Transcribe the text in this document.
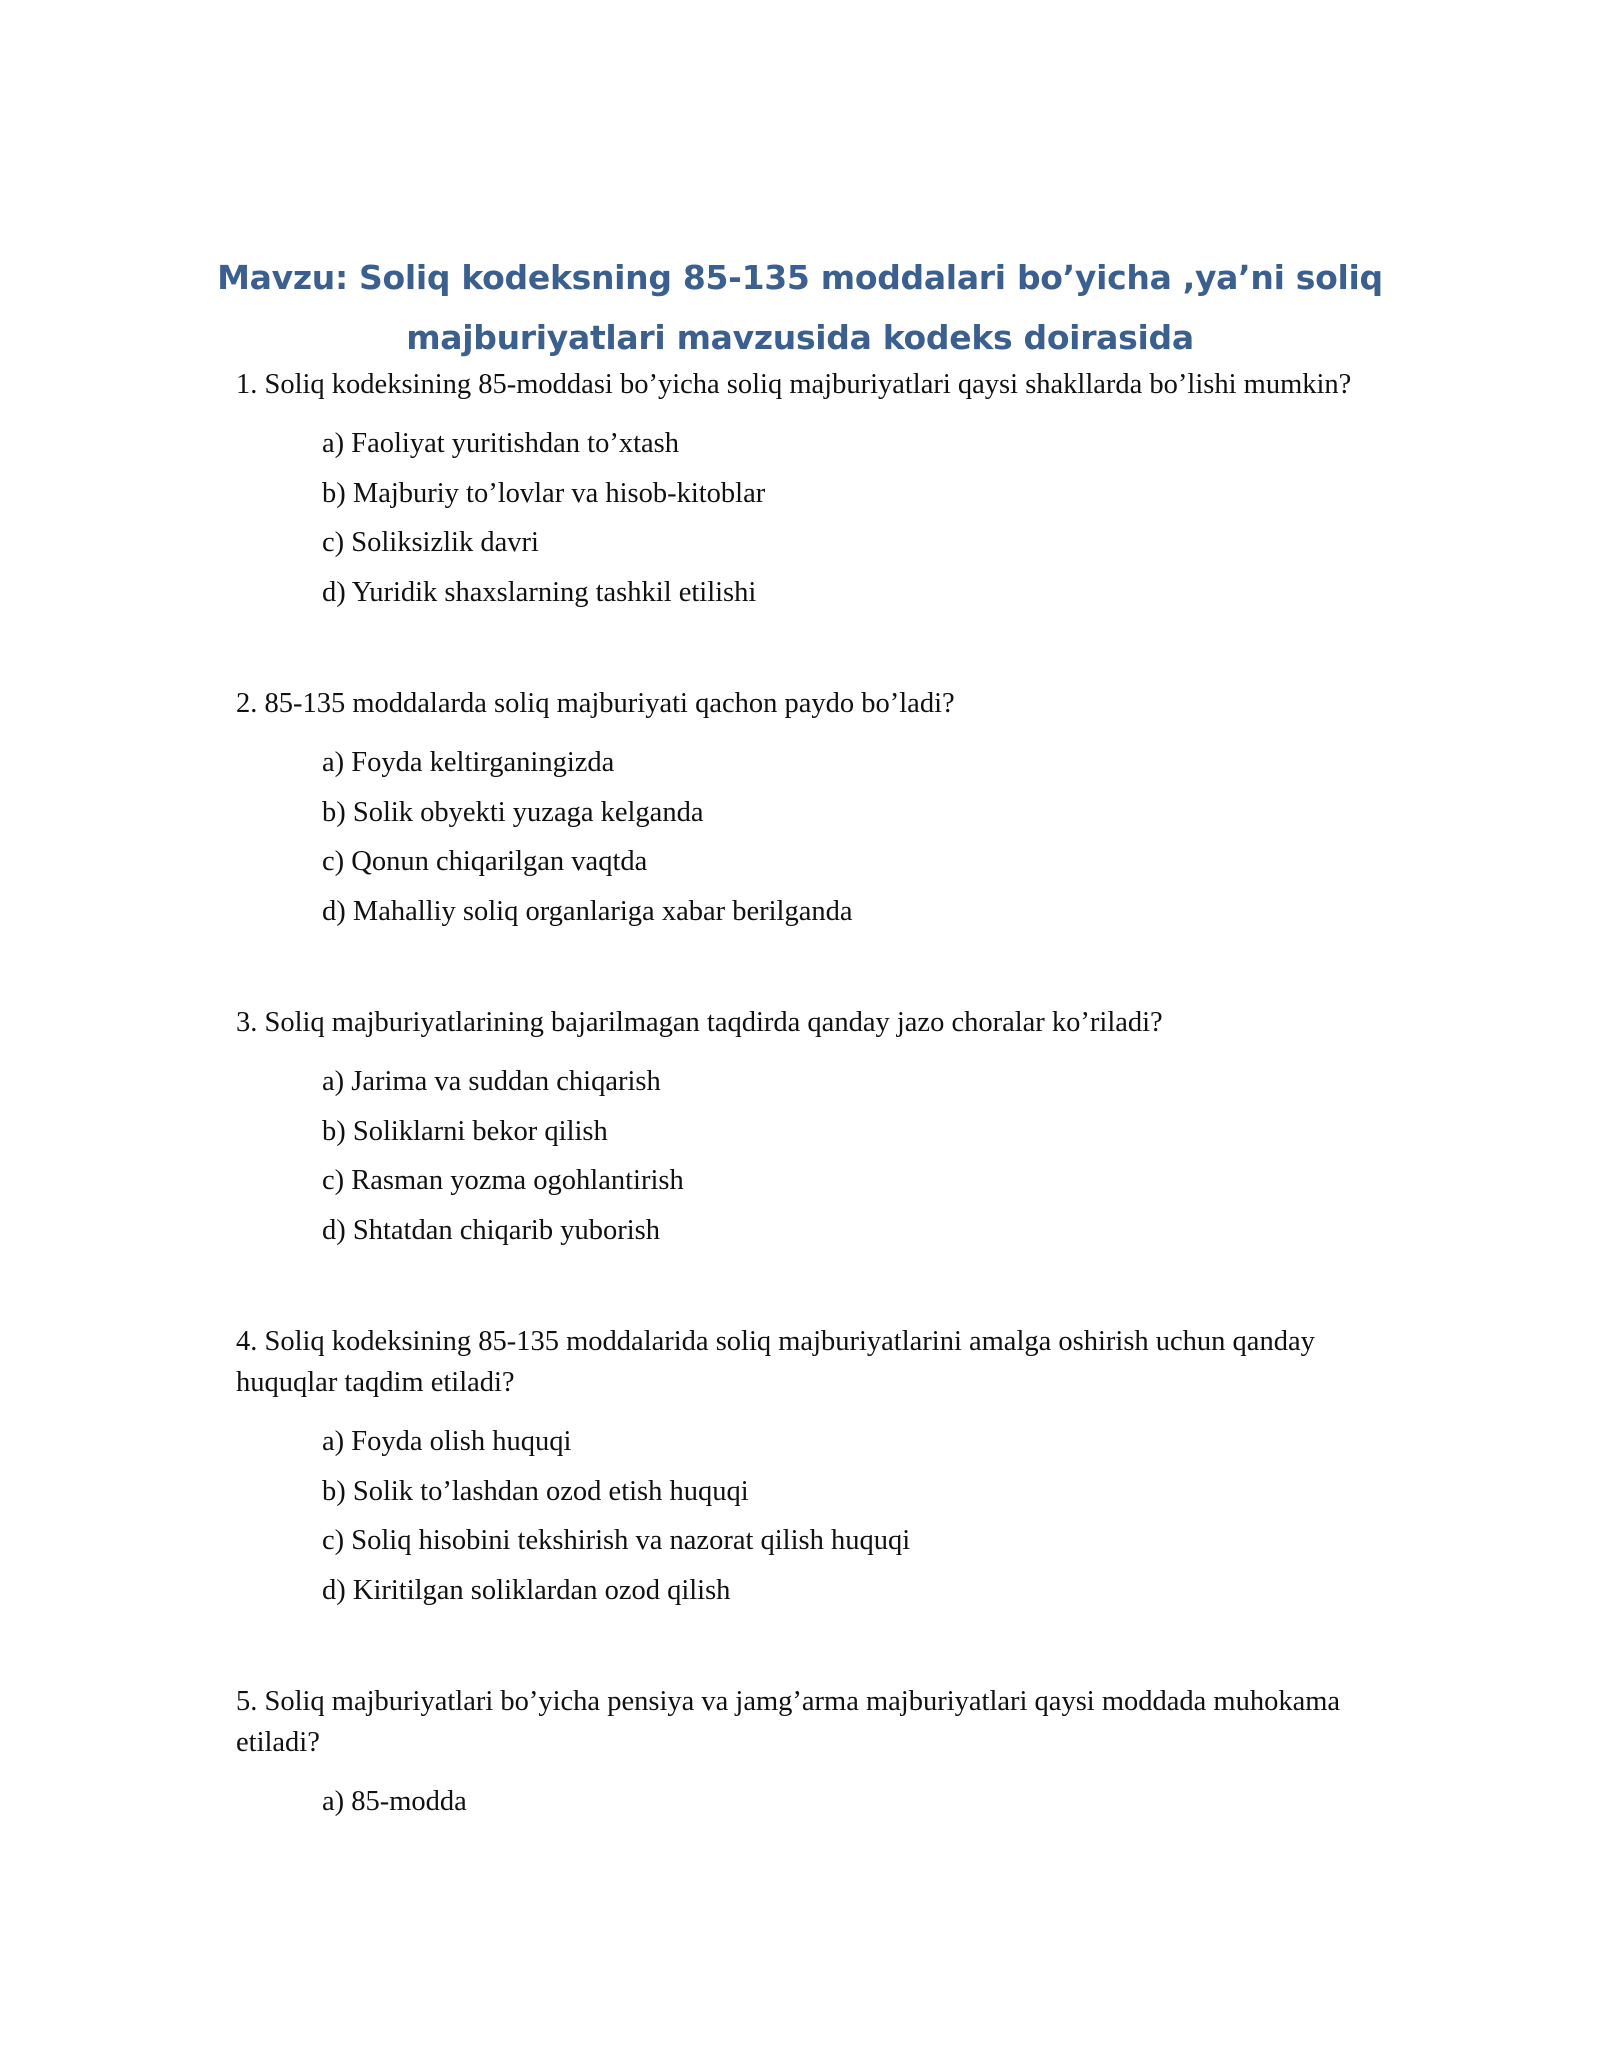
Mavzu: Soliq kodeksning 85-135 moddalari bo’yicha ,ya’ni soliq
majburiyatlari mavzusida kodeks doirasida

1. Soliq kodeksining 85-moddasi bo’yicha soliq majburiyatlari qaysi shakllarda bo’lishi mumkin?

a) Faoliyat yuritishdan to’xtash
b) Majburiy to’lovlar va hisob-kitoblar
c) Soliksizlik davri
d) Yuridik shaxslarning tashkil etilishi

2. 85-135 moddalarda soliq majburiyati qachon paydo bo’ladi?

a) Foyda keltirganingizda
b) Solik obyekti yuzaga kelganda
c) Qonun chiqarilgan vaqtda
d) Mahalliy soliq organlariga xabar berilganda

3. Soliq majburiyatlarining bajarilmagan taqdirda qanday jazo choralar ko’riladi?

a) Jarima va suddan chiqarish
b) Soliklarni bekor qilish
c) Rasman yozma ogohlantirish
d) Shtatdan chiqarib yuborish

4. Soliq kodeksining 85-135 moddalarida soliq majburiyatlarini amalga oshirish uchun qanday huquqlar taqdim etiladi?

a) Foyda olish huquqi
b) Solik to’lashdan ozod etish huquqi
c) Soliq hisobini tekshirish va nazorat qilish huquqi
d) Kiritilgan soliklardan ozod qilish

5. Soliq majburiyatlari bo’yicha pensiya va jamg’arma majburiyatlari qaysi moddada muhokama etiladi?

a) 85-modda
